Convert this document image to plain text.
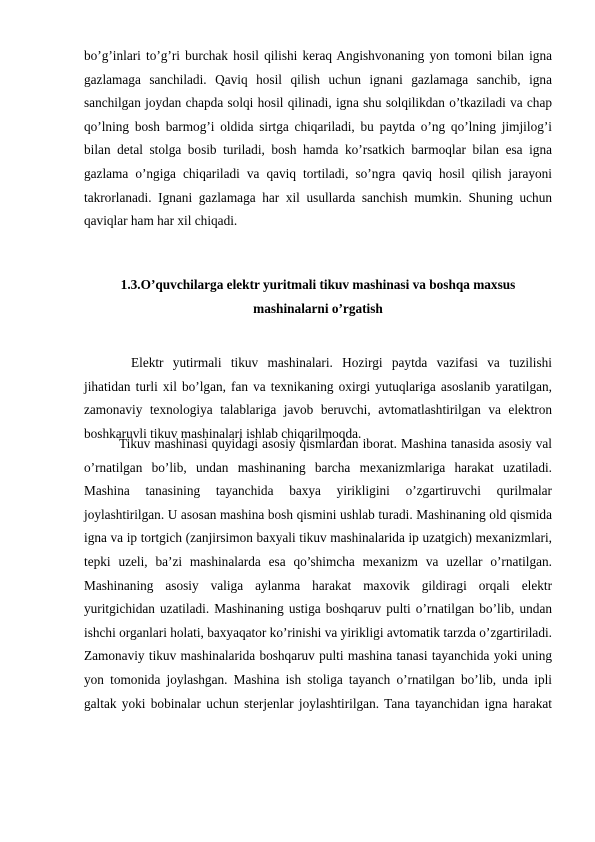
bo’g’inlari to’g’ri burchak hosil qilishi keraq Angishvonaning yon tomoni bilan igna gazlamaga sanchiladi. Qaviq hosil qilish uchun ignani gazlamaga sanchib, igna sanchilgan joydan chapda solqi hosil qilinadi, igna shu solqilikdan o’tkaziladi va chap qo’lning bosh barmog’i oldida sirtga chiqariladi, bu paytda o’ng qo’lning jimjilog’i bilan detal stolga bosib turiladi, bosh hamda ko’rsatkich barmoqlar bilan esa igna gazlama o’ngiga chiqariladi va qaviq tortiladi, so’ngra qaviq hosil qilish jarayoni takrorlanadi. Ignani gazlamaga har xil usullarda sanchish mumkin. Shuning uchun qaviqlar ham har xil chiqadi.

1.3.O’quvchilarga elektr yuritmali tikuv mashinasi va boshqa maxsus mashinalarni o’rgatish

Elektr yutirmali tikuv mashinalari. Hozirgi paytda vazifasi va tuzilishi jihatidan turli xil bo’lgan, fan va texnikaning oxirgi yutuqlariga asoslanib yaratilgan, zamonaviy texnologiya talablariga javob beruvchi, avtomatlashtirilgan va elektron boshkaruvli tikuv mashinalari ishlab chiqarilmoqda.

Tikuv mashinasi quyidagi asosiy qismlardan iborat. Mashina tanasida asosiy val o’rnatilgan bo’lib, undan mashinaning barcha mexanizmlariga harakat uzatiladi. Mashina tanasining tayanchida baxya yirikligini o’zgartiruvchi qurilmalar joylashtirilgan. U asosan mashina bosh qismini ushlab turadi. Mashinaning old qismida igna va ip tortgich (zanjirsimon baxyali tikuv mashinalarida ip uzatgich) mexanizmlari, tepki uzeli, ba’zi mashinalarda esa qo’shimcha mexanizm va uzellar o’rnatilgan. Mashinaning asosiy valiga aylanma harakat maxovik gildiragi orqali elektr yuritgichidan uzatiladi. Mashinaning ustiga boshqaruv pulti o’rnatilgan bo’lib, undan ishchi organlari holati, baxyaqator ko’rinishi va yirikligi avtomatik tarzda o’zgartiriladi. Zamonaviy tikuv mashinalarida boshqaruv pulti mashina tanasi tayanchida yoki uning yon tomonida joylashgan. Mashina ish stoliga tayanch o’rnatilgan bo’lib, unda ipli galtak yoki bobinalar uchun sterjenlar joylashtirilgan. Tana tayanchidan igna harakat
